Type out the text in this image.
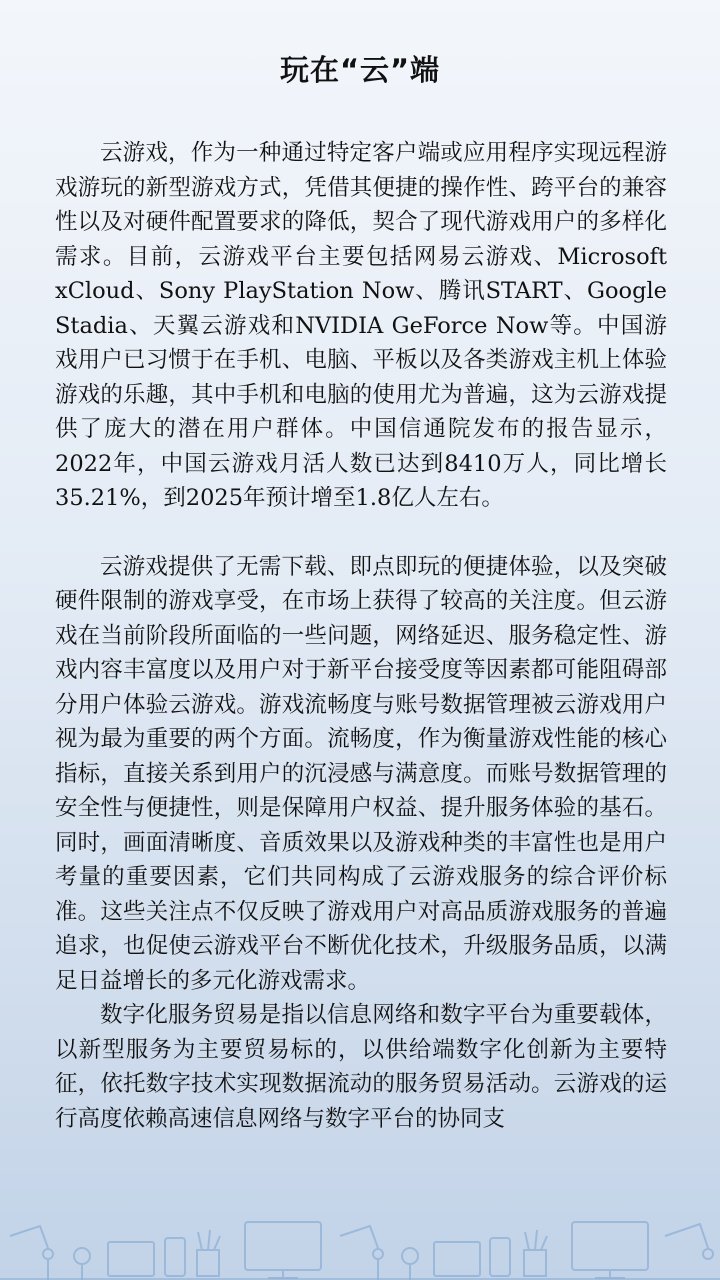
玩在“云”端

云游戏，作为一种通过特定客户端或应用程序实现远程游戏游玩的新型游戏方式，凭借其便捷的操作性、跨平台的兼容性以及对硬件配置要求的降低，契合了现代游戏用户的多样化需求。目前，云游戏平台主要包括网易云游戏、Microsoft xCloud、Sony PlayStation Now、腾讯START、Google Stadia、天翼云游戏和NVIDIA GeForce Now等。中国游戏用户已习惯于在手机、电脑、平板以及各类游戏主机上体验游戏的乐趣，其中手机和电脑的使用尤为普遍，这为云游戏提供了庞大的潜在用户群体。中国信通院发布的报告显示，2022年，中国云游戏月活人数已达到8410万人，同比增长35.21%，到2025年预计增至1.8亿人左右。

云游戏提供了无需下载、即点即玩的便捷体验，以及突破硬件限制的游戏享受，在市场上获得了较高的关注度。但云游戏在当前阶段所面临的一些问题，网络延迟、服务稳定性、游戏内容丰富度以及用户对于新平台接受度等因素都可能阻碍部分用户体验云游戏。游戏流畅度与账号数据管理被云游戏用户视为最为重要的两个方面。流畅度，作为衡量游戏性能的核心指标，直接关系到用户的沉浸感与满意度。而账号数据管理的安全性与便捷性，则是保障用户权益、提升服务体验的基石。同时，画面清晰度、音质效果以及游戏种类的丰富性也是用户考量的重要因素，它们共同构成了云游戏服务的综合评价标准。这些关注点不仅反映了游戏用户对高品质游戏服务的普遍追求，也促使云游戏平台不断优化技术，升级服务品质，以满足日益增长的多元化游戏需求。

数字化服务贸易是指以信息网络和数字平台为重要载体，以新型服务为主要贸易标的，以供给端数字化创新为主要特征，依托数字技术实现数据流动的服务贸易活动。云游戏的运行高度依赖高速信息网络与数字平台的协同支
